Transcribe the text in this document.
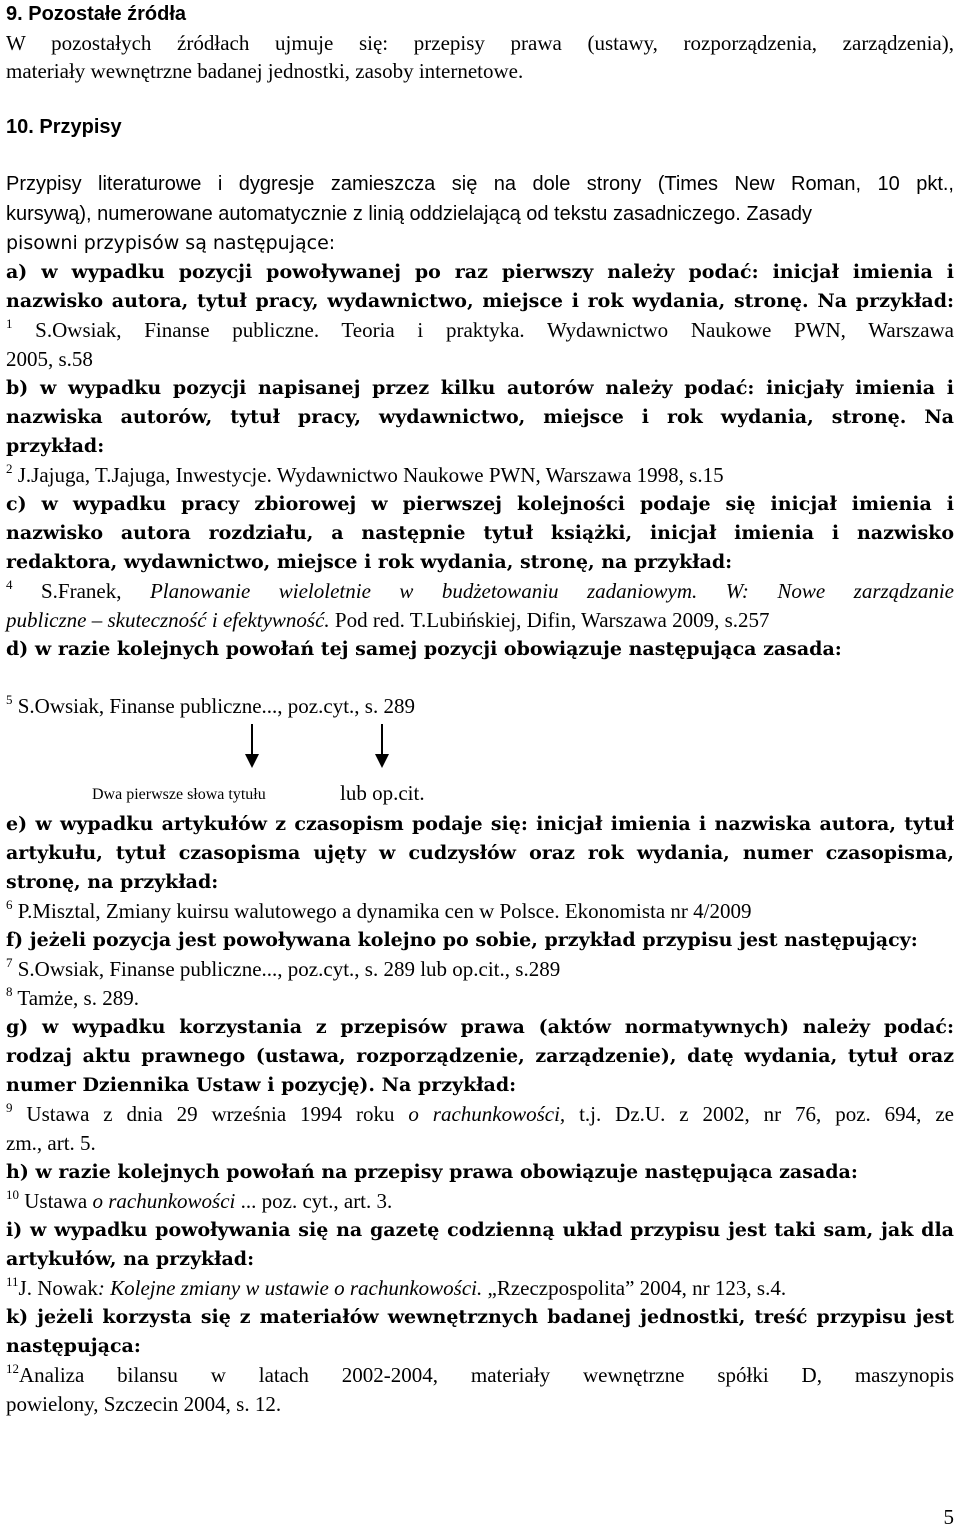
9. Pozostałe źródła
W pozostałych źródłach ujmuje się: przepisy prawa (ustawy, rozporządzenia, zarządzenia),
materiały wewnętrzne badanej jednostki, zasoby internetowe.
10. Przypisy
Przypisy literaturowe i dygresje zamieszcza się na dole strony (Times New Roman, 10 pkt.,
kursywą), numerowane automatycznie z linią oddzielającą od tekstu zasadniczego. Zasady
pisowni przypisów są następujące:
a) w wypadku pozycji powoływanej po raz pierwszy należy podać: inicjał imienia i
nazwisko autora, tytuł pracy, wydawnictwo, miejsce i rok wydania, stronę. Na przykład:
$^1$ S.Owsiak, Finanse publiczne. Teoria i praktyka. Wydawnictwo Naukowe PWN, Warszawa
2005, s.58
b) w wypadku pozycji napisanej przez kilku autorów należy podać: inicjały imienia i
nazwiska autorów, tytuł pracy, wydawnictwo, miejsce i rok wydania, stronę. Na
przykład:
$^2$ J.Jajuga, T.Jajuga, Inwestycje. Wydawnictwo Naukowe PWN, Warszawa 1998, s.15
c) w wypadku pracy zbiorowej w pierwszej kolejności podaje się inicjał imienia i
nazwisko autora rozdziału, a następnie tytuł książki, inicjał imienia i nazwisko
redaktora, wydawnictwo, miejsce i rok wydania, stronę, na przykład:
$^4$ S.Franek, Planowanie wieloletnie w budżetowaniu zadaniowym. W: Nowe zarządzanie
publiczne – skuteczność i efektywność. Pod red. T.Lubińskiej, Difin, Warszawa 2009, s.257
d) w razie kolejnych powołań tej samej pozycji obowiązuje następująca zasada:
$^5$ S.Owsiak, Finanse publiczne..., poz.cyt., s. 289
Dwa pierwsze słowa tytułu	lub op.cit.
e) w wypadku artykułów z czasopism podaje się: inicjał imienia i nazwiska autora, tytuł
artykułu, tytuł czasopisma ujęty w cudzysłów oraz rok wydania, numer czasopisma,
stronę, na przykład:
$^6$ P.Misztal, Zmiany kuirsu walutowego a dynamika cen w Polsce. Ekonomista nr 4/2009
f) jeżeli pozycja jest powoływana kolejno po sobie, przykład przypisu jest następujący:
$^7$ S.Owsiak, Finanse publiczne..., poz.cyt., s. 289 lub op.cit., s.289
$^8$ Tamże, s. 289.
g) w wypadku korzystania z przepisów prawa (aktów normatywnych) należy podać:
rodzaj aktu prawnego (ustawa, rozporządzenie, zarządzenie), datę wydania, tytuł oraz
numer Dziennika Ustaw i pozycję). Na przykład:
$^9$ Ustawa z dnia 29 września 1994 roku o rachunkowości, t.j. Dz.U. z 2002, nr 76, poz. 694, ze
zm., art. 5.
h) w razie kolejnych powołań na przepisy prawa obowiązuje następująca zasada:
$^{10}$ Ustawa o rachunkowości ... poz. cyt., art. 3.
i) w wypadku powoływania się na gazetę codzienną układ przypisu jest taki sam, jak dla
artykułów, na przykład:
$^{11}$J. Nowak: Kolejne zmiany w ustawie o rachunkowości. „Rzeczpospolita” 2004, nr 123, s.4.
k) jeżeli korzysta się z materiałów wewnętrznych badanej jednostki, treść przypisu jest
następująca:
$^{12}$Analiza bilansu w latach 2002-2004, materiały wewnętrzne spółki D, maszynopis
powielony, Szczecin 2004, s. 12.
5
